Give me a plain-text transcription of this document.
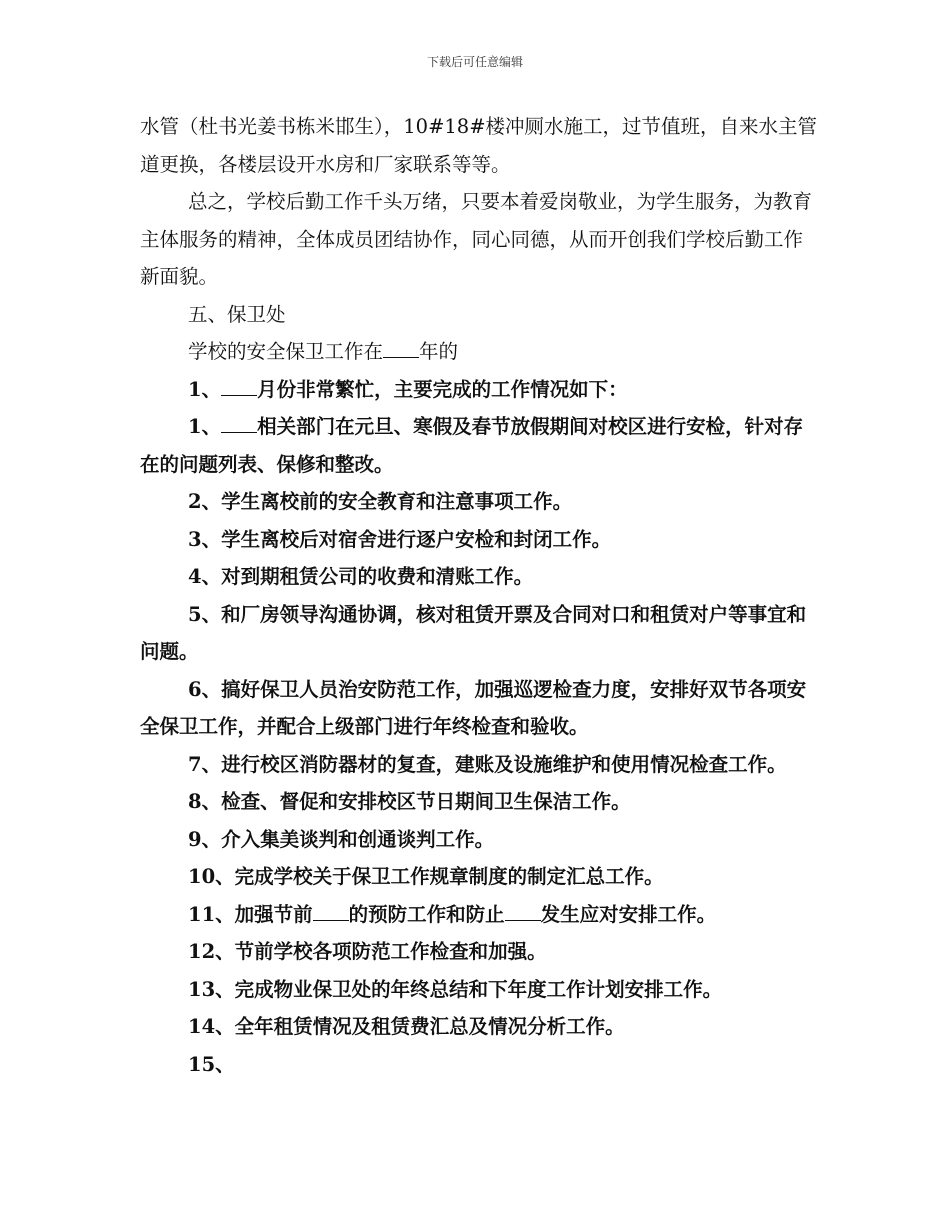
下载后可任意编辑

水管（杜书光姜书栋米邯生），10#18#楼冲厕水施工，过节值班，自来水主管道更换，各楼层设开水房和厂家联系等等。

总之，学校后勤工作千头万绪，只要本着爱岗敬业，为学生服务，为教育主体服务的精神，全体成员团结协作，同心同德，从而开创我们学校后勤工作新面貌。

五、保卫处

学校的安全保卫工作在 年的

1、 月份非常繁忙，主要完成的工作情况如下：

1、 相关部门在元旦、寒假及春节放假期间对校区进行安检，针对存在的问题列表、保修和整改。

2、学生离校前的安全教育和注意事项工作。

3、学生离校后对宿舍进行逐户安检和封闭工作。

4、对到期租赁公司的收费和清账工作。

5、和厂房领导沟通协调，核对租赁开票及合同对口和租赁对户等事宜和问题。

6、搞好保卫人员治安防范工作，加强巡逻检查力度，安排好双节各项安全保卫工作，并配合上级部门进行年终检查和验收。

7、进行校区消防器材的复查，建账及设施维护和使用情况检查工作。

8、检查、督促和安排校区节日期间卫生保洁工作。

9、介入集美谈判和创通谈判工作。

10、完成学校关于保卫工作规章制度的制定汇总工作。

11、加强节前 的预防工作和防止 发生应对安排工作。

12、节前学校各项防范工作检查和加强。

13、完成物业保卫处的年终总结和下年度工作计划安排工作。

14、全年租赁情况及租赁费汇总及情况分析工作。

15、
